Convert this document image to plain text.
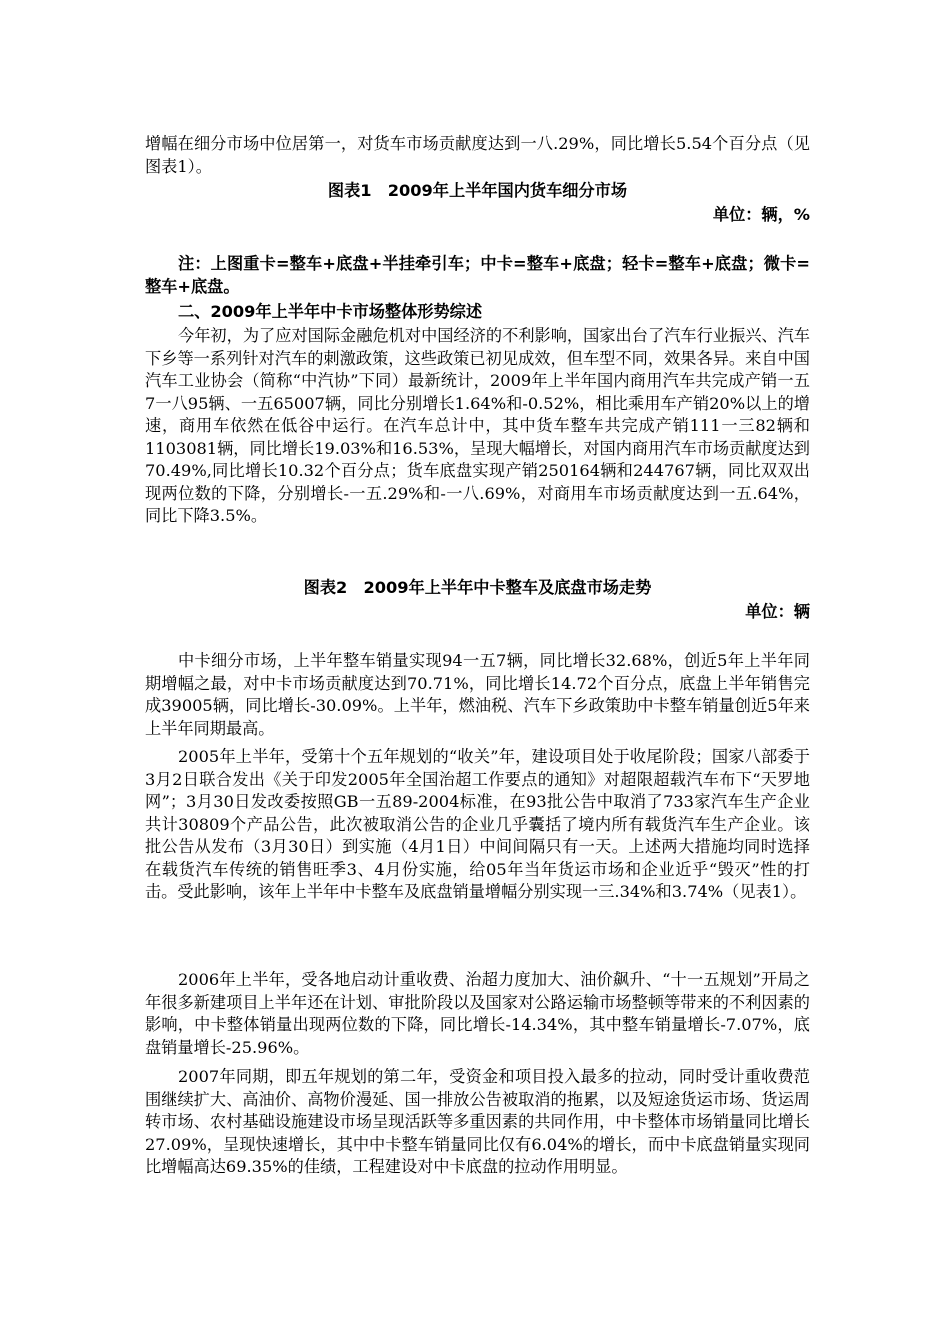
增幅在细分市场中位居第一，对货车市场贡献度达到一八.29%，同比增长5.54个百分点（见图表1）。

图表1　2009年上半年国内货车细分市场

单位：辆，%

注：上图重卡=整车+底盘+半挂牵引车；中卡=整车+底盘；轻卡=整车+底盘；微卡=整车+底盘。

二、2009年上半年中卡市场整体形势综述

今年初，为了应对国际金融危机对中国经济的不利影响，国家出台了汽车行业振兴、汽车下乡等一系列针对汽车的刺激政策，这些政策已初见成效，但车型不同，效果各异。来自中国汽车工业协会（简称“中汽协”下同）最新统计，2009年上半年国内商用汽车共完成产销一五7一八95辆、一五65007辆，同比分别增长1.64%和-0.52%，相比乘用车产销20%以上的增速，商用车依然在低谷中运行。在汽车总计中，其中货车整车共完成产销111一三82辆和1103081辆，同比增长19.03%和16.53%，呈现大幅增长，对国内商用汽车市场贡献度达到70.49%,同比增长10.32个百分点；货车底盘实现产销250164辆和244767辆，同比双双出现两位数的下降，分别增长-一五.29%和-一八.69%，对商用车市场贡献度达到一五.64%，同比下降3.5%。

图表2　2009年上半年中卡整车及底盘市场走势

单位：辆

中卡细分市场，上半年整车销量实现94一五7辆，同比增长32.68%，创近5年上半年同期增幅之最，对中卡市场贡献度达到70.71%，同比增长14.72个百分点，底盘上半年销售完成39005辆，同比增长-30.09%。上半年，燃油税、汽车下乡政策助中卡整车销量创近5年来上半年同期最高。

2005年上半年，受第十个五年规划的“收关”年，建设项目处于收尾阶段；国家八部委于3月2日联合发出《关于印发2005年全国治超工作要点的通知》对超限超载汽车布下“天罗地网”；3月30日发改委按照GB一五89-2004标准，在93批公告中取消了733家汽车生产企业共计30809个产品公告，此次被取消公告的企业几乎囊括了境内所有载货汽车生产企业。该批公告从发布（3月30日）到实施（4月1日）中间间隔只有一天。上述两大措施均同时选择在载货汽车传统的销售旺季3、4月份实施，给05年当年货运市场和企业近乎“毁灭”性的打击。受此影响，该年上半年中卡整车及底盘销量增幅分别实现一三.34%和3.74%（见表1）。

2006年上半年，受各地启动计重收费、治超力度加大、油价飙升、“十一五规划”开局之年很多新建项目上半年还在计划、审批阶段以及国家对公路运输市场整顿等带来的不利因素的影响，中卡整体销量出现两位数的下降，同比增长-14.34%，其中整车销量增长-7.07%，底盘销量增长-25.96%。

2007年同期，即五年规划的第二年，受资金和项目投入最多的拉动，同时受计重收费范围继续扩大、高油价、高物价漫延、国一排放公告被取消的拖累，以及短途货运市场、货运周转市场、农村基础设施建设市场呈现活跃等多重因素的共同作用，中卡整体市场销量同比增长27.09%，呈现快速增长，其中中卡整车销量同比仅有6.04%的增长，而中卡底盘销量实现同比增幅高达69.35%的佳绩，工程建设对中卡底盘的拉动作用明显。
